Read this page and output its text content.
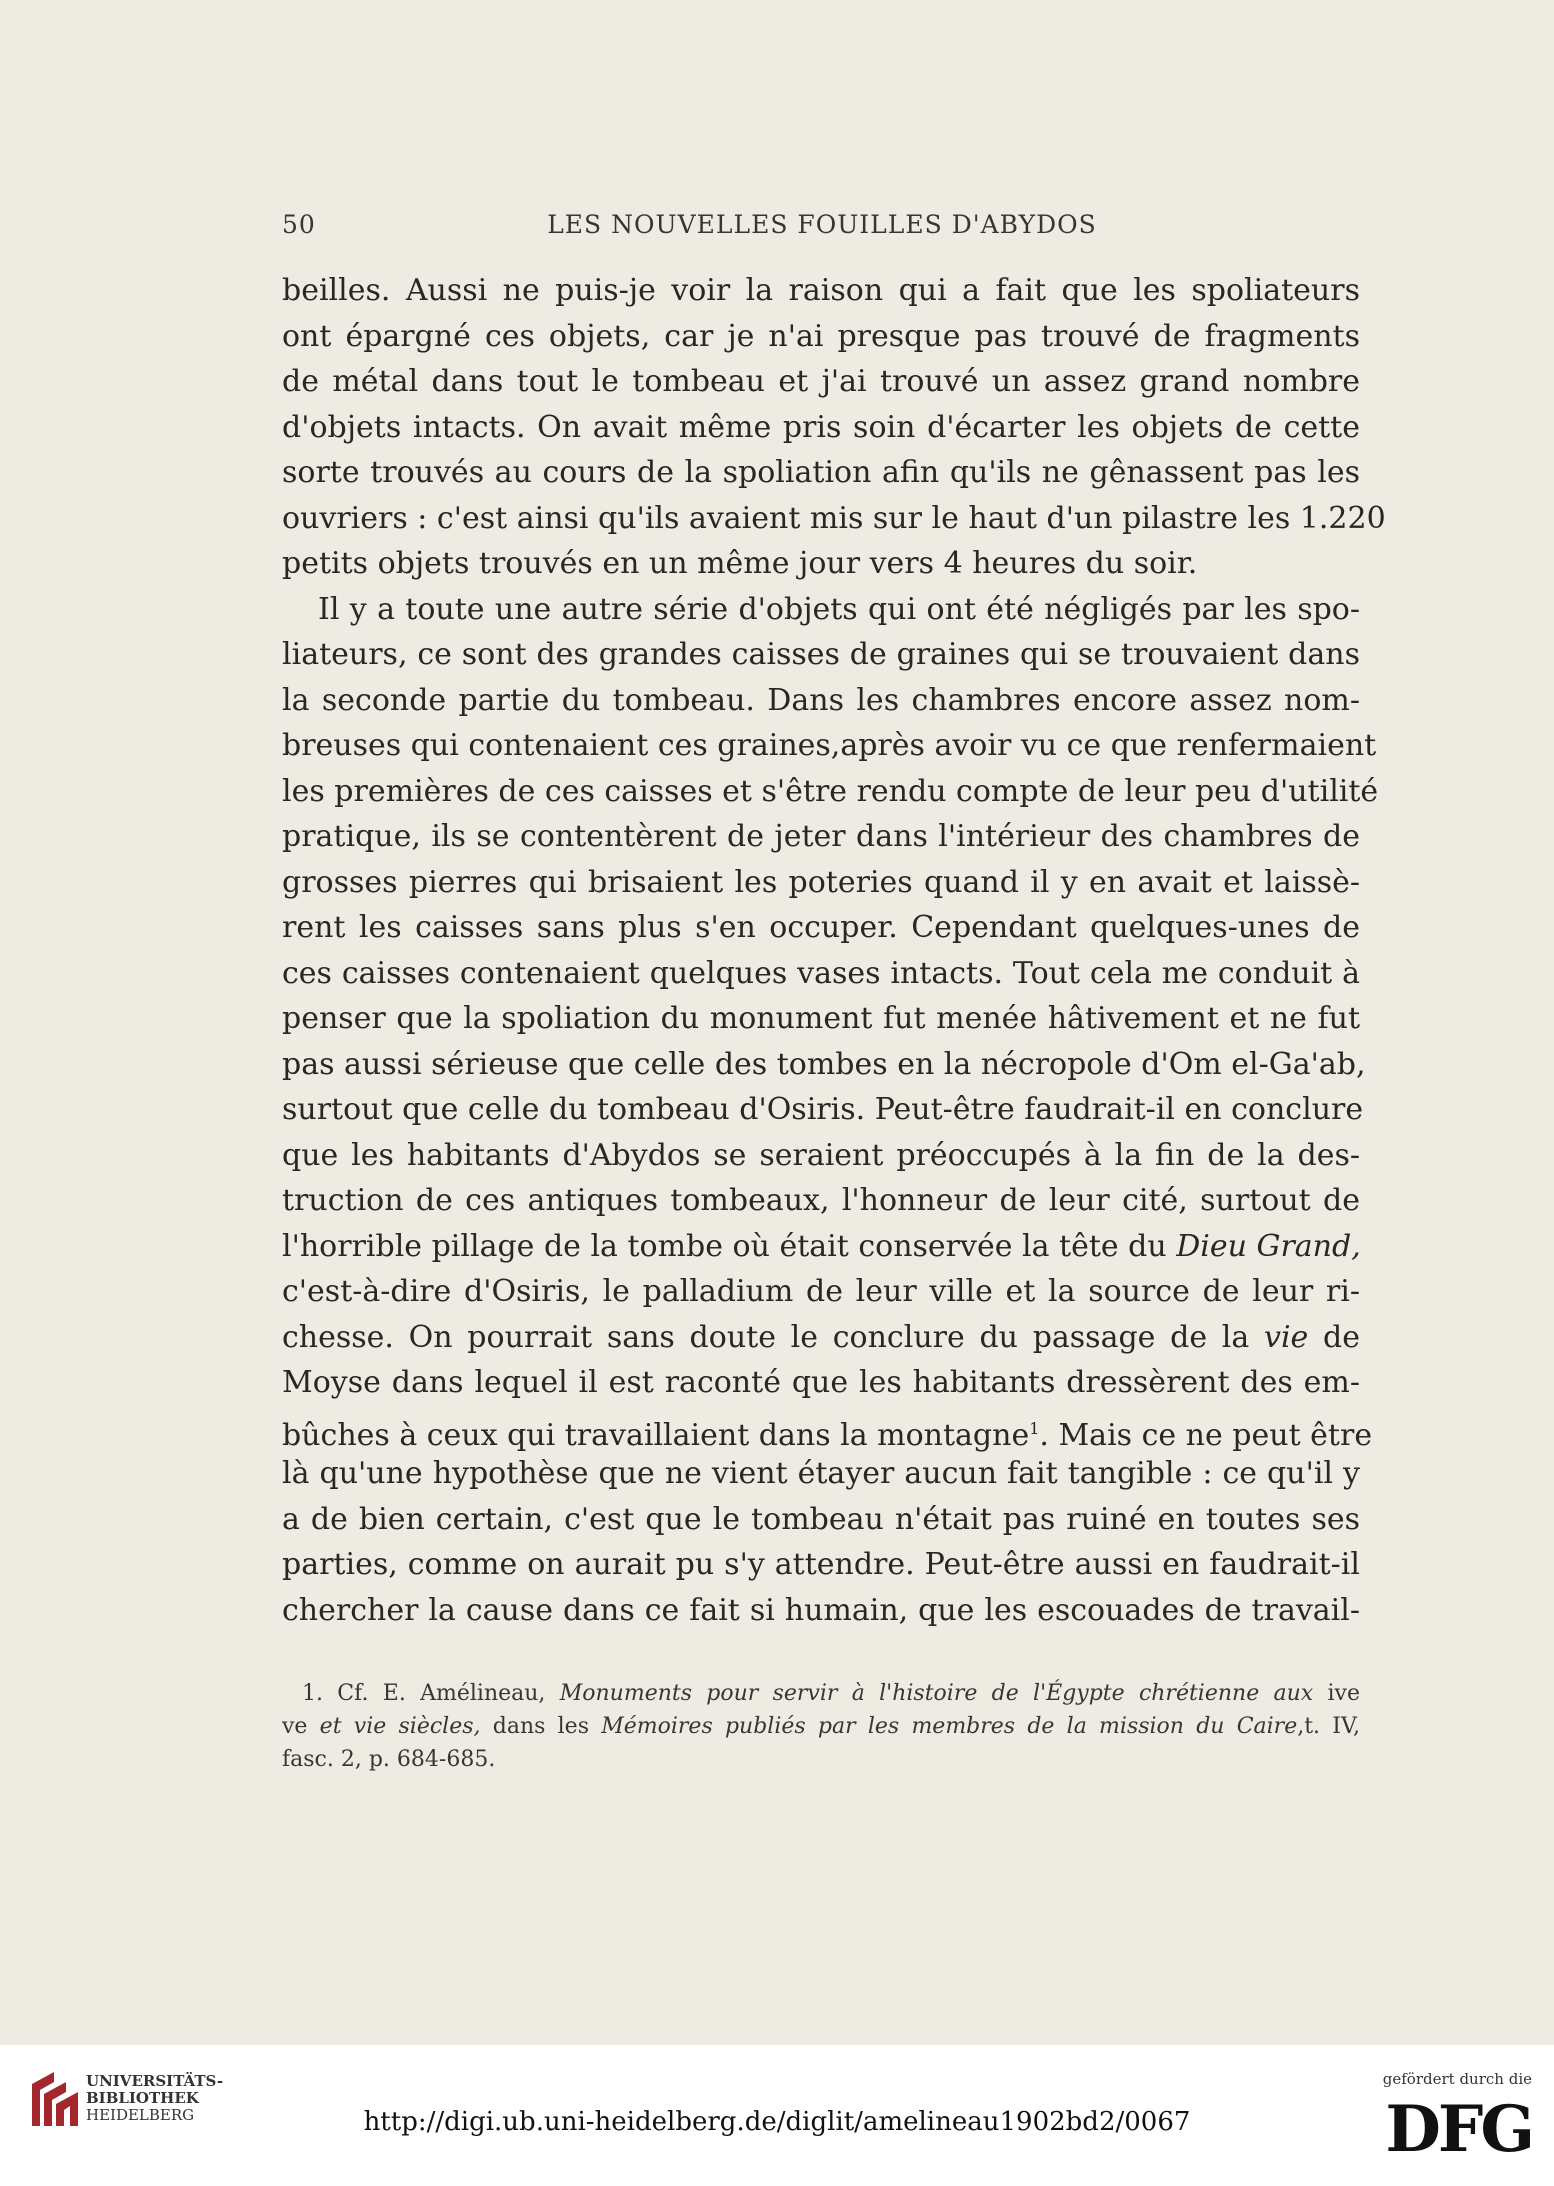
50	LES NOUVELLES FOUILLES D'ABYDOS
beilles. Aussi ne puis-je voir la raison qui a fait que les spoliateurs
ont épargné ces objets, car je n'ai presque pas trouvé de fragments
de métal dans tout le tombeau et j'ai trouvé un assez grand nombre
d'objets intacts. On avait même pris soin d'écarter les objets de cette
sorte trouvés au cours de la spoliation afin qu'ils ne gênassent pas les
ouvriers : c'est ainsi qu'ils avaient mis sur le haut d'un pilastre les 1.220
petits objets trouvés en un même jour vers 4 heures du soir.
Il y a toute une autre série d'objets qui ont été négligés par les spo-
liateurs, ce sont des grandes caisses de graines qui se trouvaient dans
la seconde partie du tombeau. Dans les chambres encore assez nom-
breuses qui contenaient ces graines,après avoir vu ce que renfermaient
les premières de ces caisses et s'être rendu compte de leur peu d'utilité
pratique, ils se contentèrent de jeter dans l'intérieur des chambres de
grosses pierres qui brisaient les poteries quand il y en avait et laissè-
rent les caisses sans plus s'en occuper. Cependant quelques-unes de
ces caisses contenaient quelques vases intacts. Tout cela me conduit à
penser que la spoliation du monument fut menée hâtivement et ne fut
pas aussi sérieuse que celle des tombes en la nécropole d'Om el-Ga'ab,
surtout que celle du tombeau d'Osiris. Peut-être faudrait-il en conclure
que les habitants d'Abydos se seraient préoccupés à la fin de la des-
truction de ces antiques tombeaux, l'honneur de leur cité, surtout de
l'horrible pillage de la tombe où était conservée la tête du Dieu Grand,
c'est-à-dire d'Osiris, le palladium de leur ville et la source de leur ri-
chesse. On pourrait sans doute le conclure du passage de la vie de
Moyse dans lequel il est raconté que les habitants dressèrent des em-
bûches à ceux qui travaillaient dans la montagne$^1$. Mais ce ne peut être
là qu'une hypothèse que ne vient étayer aucun fait tangible : ce qu'il y
a de bien certain, c'est que le tombeau n'était pas ruiné en toutes ses
parties, comme on aurait pu s'y attendre. Peut-être aussi en faudrait-il
chercher la cause dans ce fait si humain, que les escouades de travail-
1. Cf. E. Amélineau, Monuments pour servir à l'histoire de l'Égypte chrétienne aux ive
ve et vie siècles, dans les Mémoires publiés par les membres de la mission du Caire,t. IV,
fasc. 2, p. 684-685.
UNIVERSITÄTS-
BIBLIOTHEK
HEIDELBERG	http://digi.ub.uni-heidelberg.de/diglit/amelineau1902bd2/0067
gefördert durch die
DFG
